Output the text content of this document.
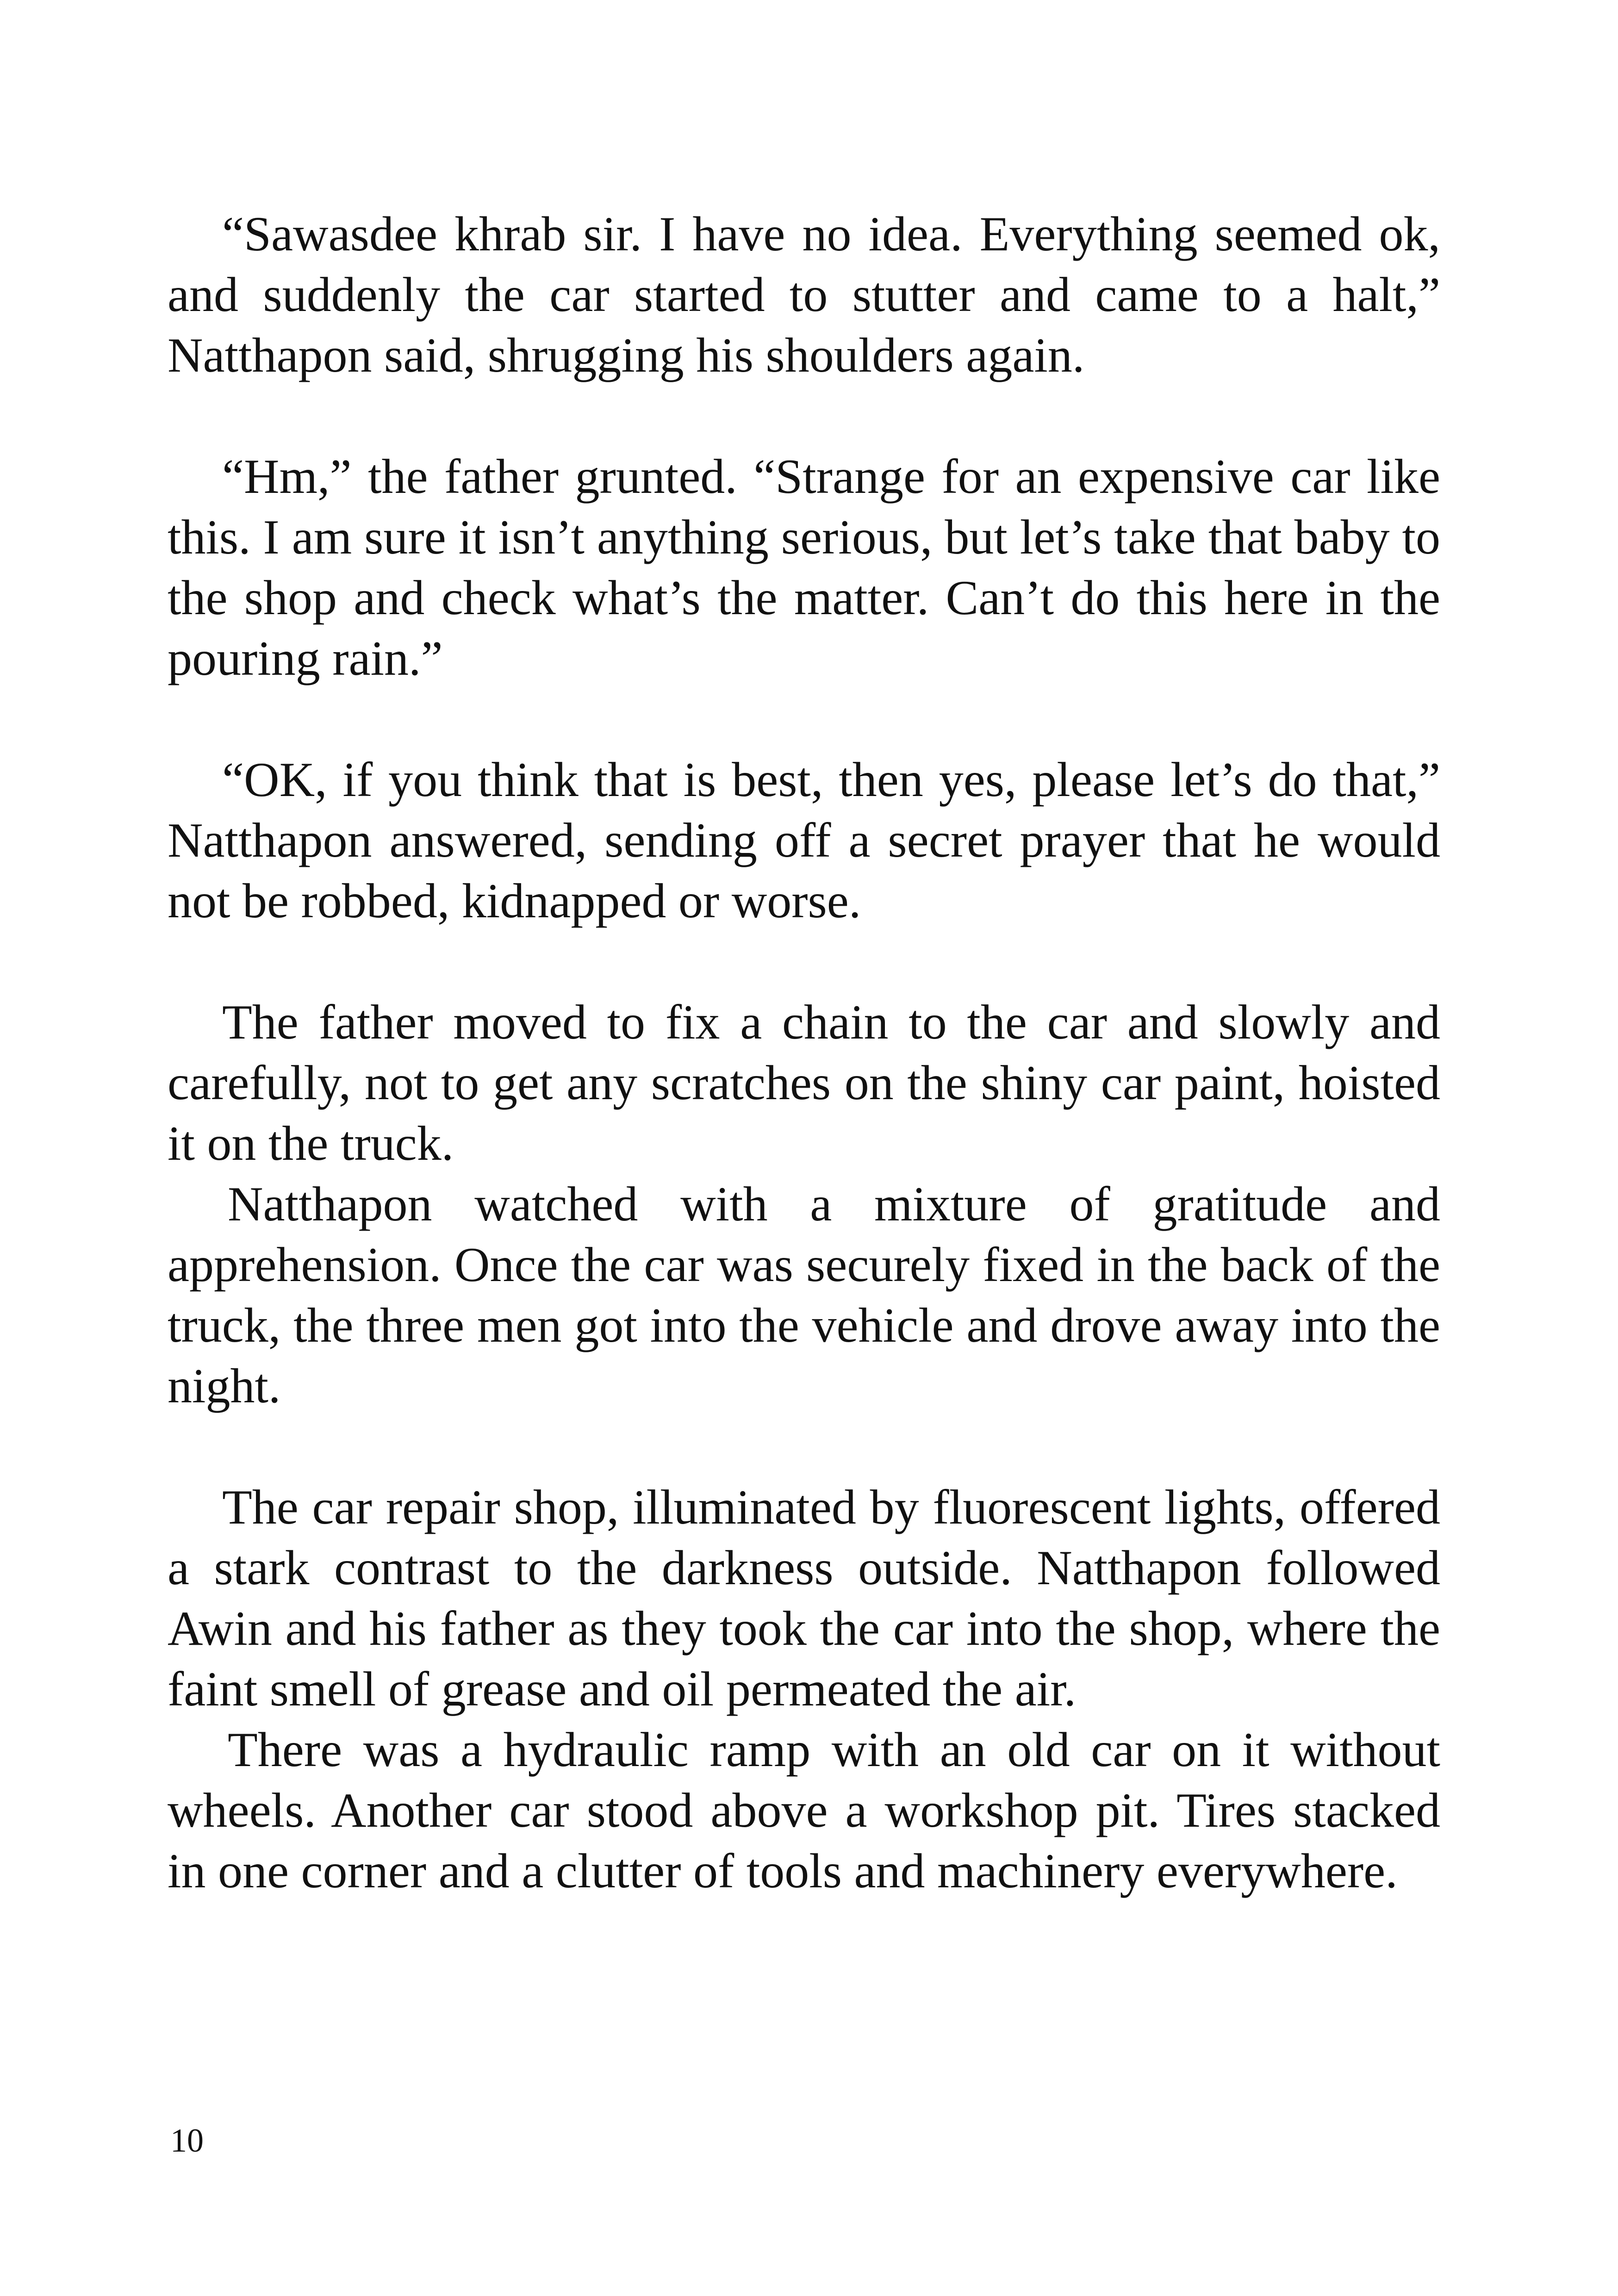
“Sawasdee khrab sir. I have no idea. Everything seemed ok, and suddenly the car started to stutter and came to a halt,” Natthapon said, shrugging his shoulders again.

“Hm,” the father grunted. “Strange for an expensive car like this. I am sure it isn’t anything serious, but let’s take that baby to the shop and check what’s the matter. Can’t do this here in the pouring rain.”

“OK, if you think that is best, then yes, please let’s do that,” Natthapon answered, sending off a secret prayer that he would not be robbed, kidnapped or worse.

The father moved to fix a chain to the car and slowly and carefully, not to get any scratches on the shiny car paint, hoisted it on the truck.

Natthapon watched with a mixture of gratitude and apprehension. Once the car was securely fixed in the back of the truck, the three men got into the vehicle and drove away into the night.

The car repair shop, illuminated by fluorescent lights, offered a stark contrast to the darkness outside. Natthapon followed Awin and his father as they took the car into the shop, where the faint smell of grease and oil permeated the air.

There was a hydraulic ramp with an old car on it without wheels. Another car stood above a workshop pit. Tires stacked in one corner and a clutter of tools and machinery everywhere.

10
